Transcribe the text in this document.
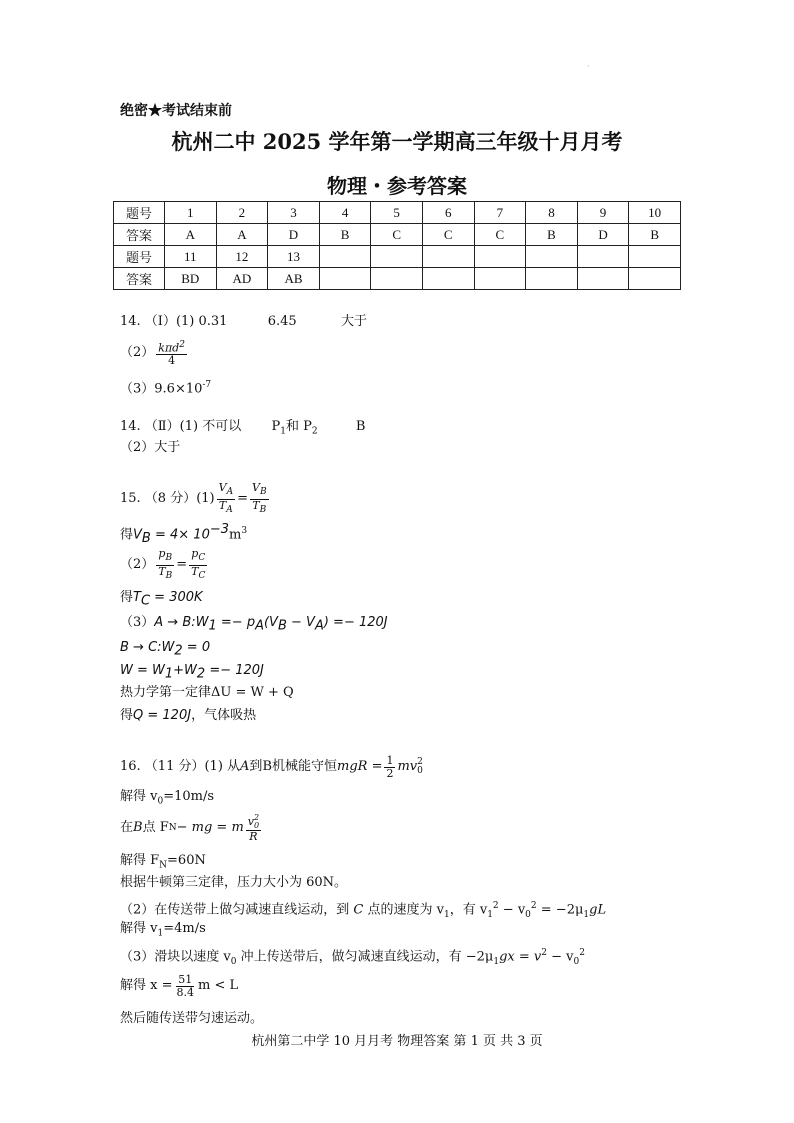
·
绝密★考试结束前
杭州二中 2025 学年第一学期高三年级十月月考
物理・参考答案
题号	1	2	3	4	5	6	7	8	9	10
答案	A	A	D	B	C	C	C	B	D	B
题号	11	12	13							
答案	BD	AD	AB							
14. （Ⅰ）(1) 0.31	6.45	大于
$(2) \frac{k\pi d^2}{4}$
$(3)9.6\times 10^{-7}$
14. （Ⅱ）(1) 不可以 $P_1$和 $P_2$	B
（2）大于
15. （8 分）$(1) \frac{V_A}{T_A} = \frac{V_B}{T_B}$
得$V_B = 4\times 10^{-3}m^3$
$(2) \frac{p_B}{T_B} = \frac{p_C}{T_C}$
得$T_C = 300K$
$(3)A \to B:W_1 =- p_A(V_B - V_A) =- 120J$
$B \to C:W_2 = 0$
$W = W_1+W_2 =- 120J$
热力学第一定律ΔU = W + Q
得Q = 120J，气体吸热
16. （11 分）(1) 从 A 到 B 机械能守恒 mgR = $\frac{1}{2}$ mv 2
0
解得 $v_0=10m/s$
在 B 点 F N − mg = m v 2
0
R
解得 $F_N=60N$
根据牛顿第三定律，压力大小为 60N。
（2）在传送带上做匀减速直线运动，到 C 点的速度为 $v_1$，有 $v_1^2 - v_0^2 = -2\mu_1gL$
解得 $v_1=4m/s$
（3）滑块以速度 $v_0$ 冲上传送带后，做匀减速直线运动，有 $-2\mu_1gx = v^2 - v_0^2$
解得 $x = \frac{51}{8.4}$ m < L
然后随传送带匀速运动。
杭州第二中学 10 月月考 物理答案 第 1 页 共 3 页
